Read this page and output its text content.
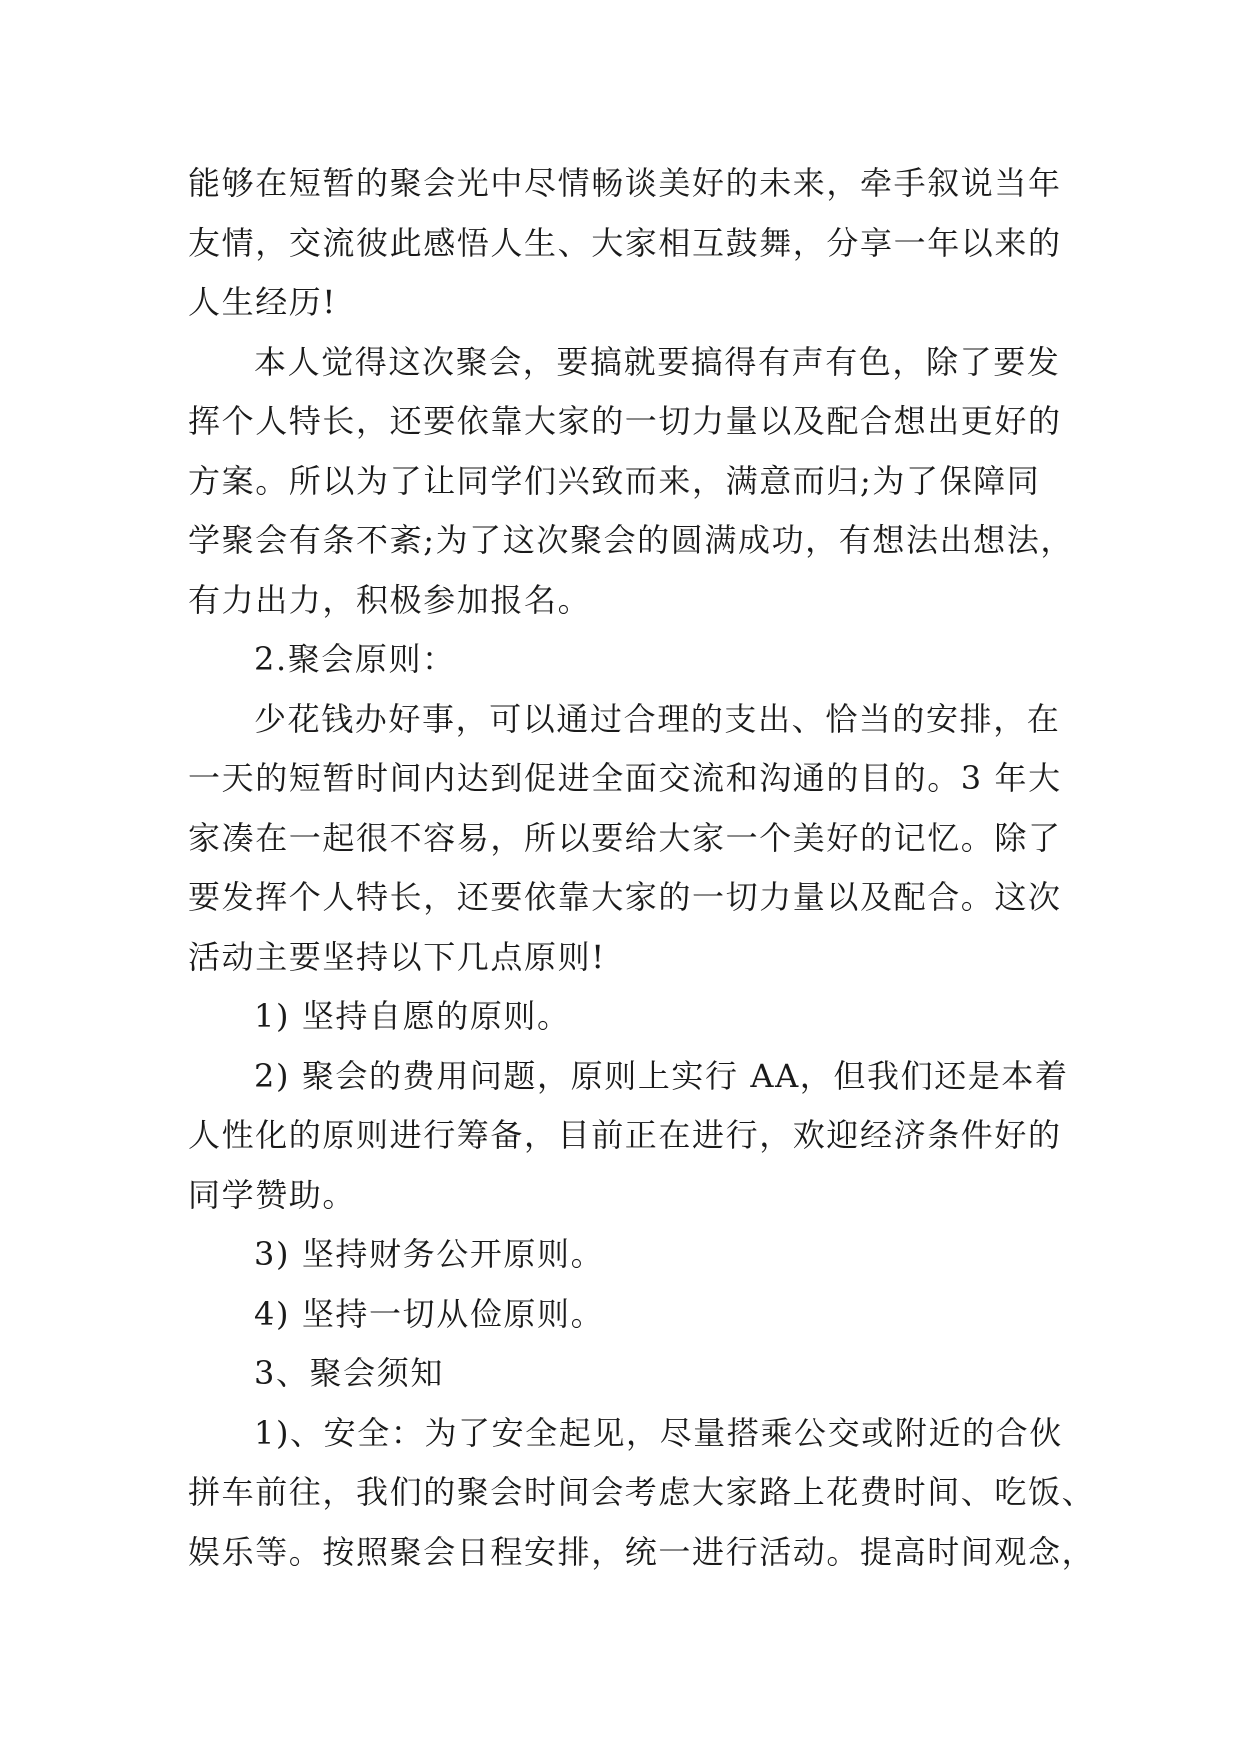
能够在短暂的聚会光中尽情畅谈美好的未来，牵手叙说当年
友情，交流彼此感悟人生、大家相互鼓舞，分享一年以来的
人生经历!
本人觉得这次聚会，要搞就要搞得有声有色，除了要发
挥个人特长，还要依靠大家的一切力量以及配合想出更好的
方案。所以为了让同学们兴致而来，满意而归;为了保障同
学聚会有条不紊;为了这次聚会的圆满成功，有想法出想法，
有力出力，积极参加报名。
2.聚会原则：
少花钱办好事，可以通过合理的支出、恰当的安排，在
一天的短暂时间内达到促进全面交流和沟通的目的。3 年大
家凑在一起很不容易，所以要给大家一个美好的记忆。除了
要发挥个人特长，还要依靠大家的一切力量以及配合。这次
活动主要坚持以下几点原则!
1) 坚持自愿的原则。
2) 聚会的费用问题，原则上实行 AA，但我们还是本着
人性化的原则进行筹备，目前正在进行，欢迎经济条件好的
同学赞助。
3) 坚持财务公开原则。
4) 坚持一切从俭原则。
3、聚会须知
1)、安全：为了安全起见，尽量搭乘公交或附近的合伙
拼车前往，我们的聚会时间会考虑大家路上花费时间、吃饭、
娱乐等。按照聚会日程安排，统一进行活动。提高时间观念，
